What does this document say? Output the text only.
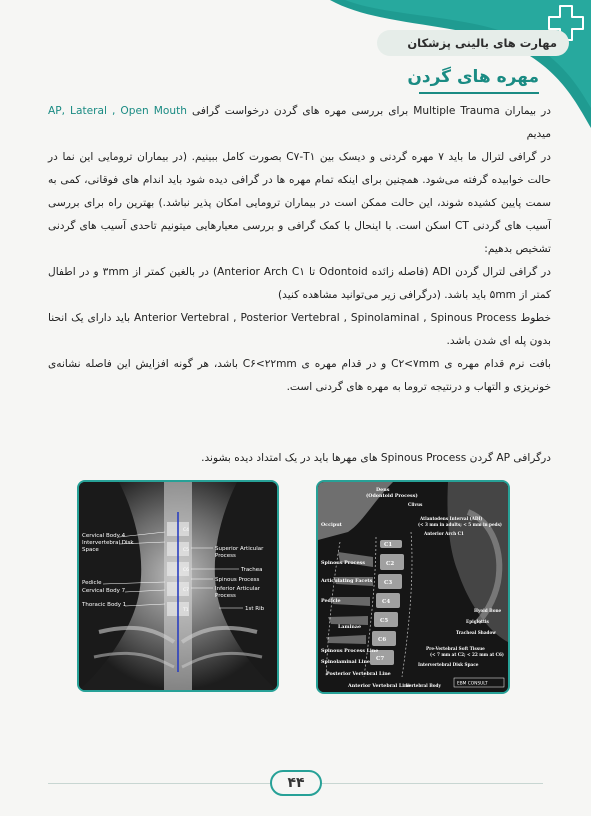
مهارت های بالینی پزشکان
مهره های گردن

در بیماران Multiple Trauma برای بررسی مهره های گردن درخواست گرافی AP, Lateral , Open Mouth میدیم

در گرافی لترال ما باید ۷ مهره گردنی و دیسک بین C۷-T۱ بصورت کامل ببینیم. (در بیماران ترومایی این نما در حالت خوابیده گرفته می‌شود. همچنین برای اینکه تمام مهره ها در گرافی دیده شود باید اندام های فوقانی، کمی به سمت پایین کشیده شوند، این حالت ممکن است در بیماران ترومایی امکان پذیر نباشد.) بهترین راه برای بررسی آسیب های گردنی CT اسکن است. با اینحال با کمک گرافی و بررسی معیارهایی میتونیم تاحدی آسیب های گردنی تشخیص بدهیم:

در گرافی لترال گردن ADI (فاصله زائده Odontoid تا Anterior Arch C۱) در بالغین کمتر از ۳mm و در اطفال کمتر از ۵mm باید باشد. (درگرافی زیر می‌توانید مشاهده کنید)

خطوط Anterior Vertebral , Posterior Vertebral , Spinolaminal , Spinous Process باید دارای یک انحنا بدون پله ای شدن باشد.

بافت نرم قدام مهره ی C۲<۷mm و در قدام مهره ی C۶<۲۲mm باشد، هر گونه افزایش این فاصله نشانه‌ی خونریزی و التهاب و درنتیجه تروما به مهره های گردنی است.

درگرافی AP گردن Spinous Process های مهرها باید در یک امتداد دیده بشوند.
Cervical Body 4
Intervertebral Disk
Space
Pedicle
Cervical Body 7
Thoracic Body 1
Superior Articular
Process
Trachea
Spinous Process
Inferior Articular
Process
1st Rib
C4
C5
C6
C7
T1
Dens
(Odontoid Process)
Occiput
Spinous Process
Articulating Facets
Pedicle
Laminae
Spinous Process Line
Spinolaminal Line
Posterior Vertebral Line
Anterior Vertebral Line
Clivus
Atlantodens Interval (ADI)
(< 3 mm in adults; < 5 mm in peds)
Anterior Arch C1
Hyoid Bone
Epiglottis
Tracheal Shadow
Pre-Vertebral Soft Tissue
(< 7 mm at C2; < 22 mm at C6)
Intervertebral Disk Space
Vertebral Body
C1
C2
C3
C4
C5
C6
C7
EBM CONSULT
۴۴
